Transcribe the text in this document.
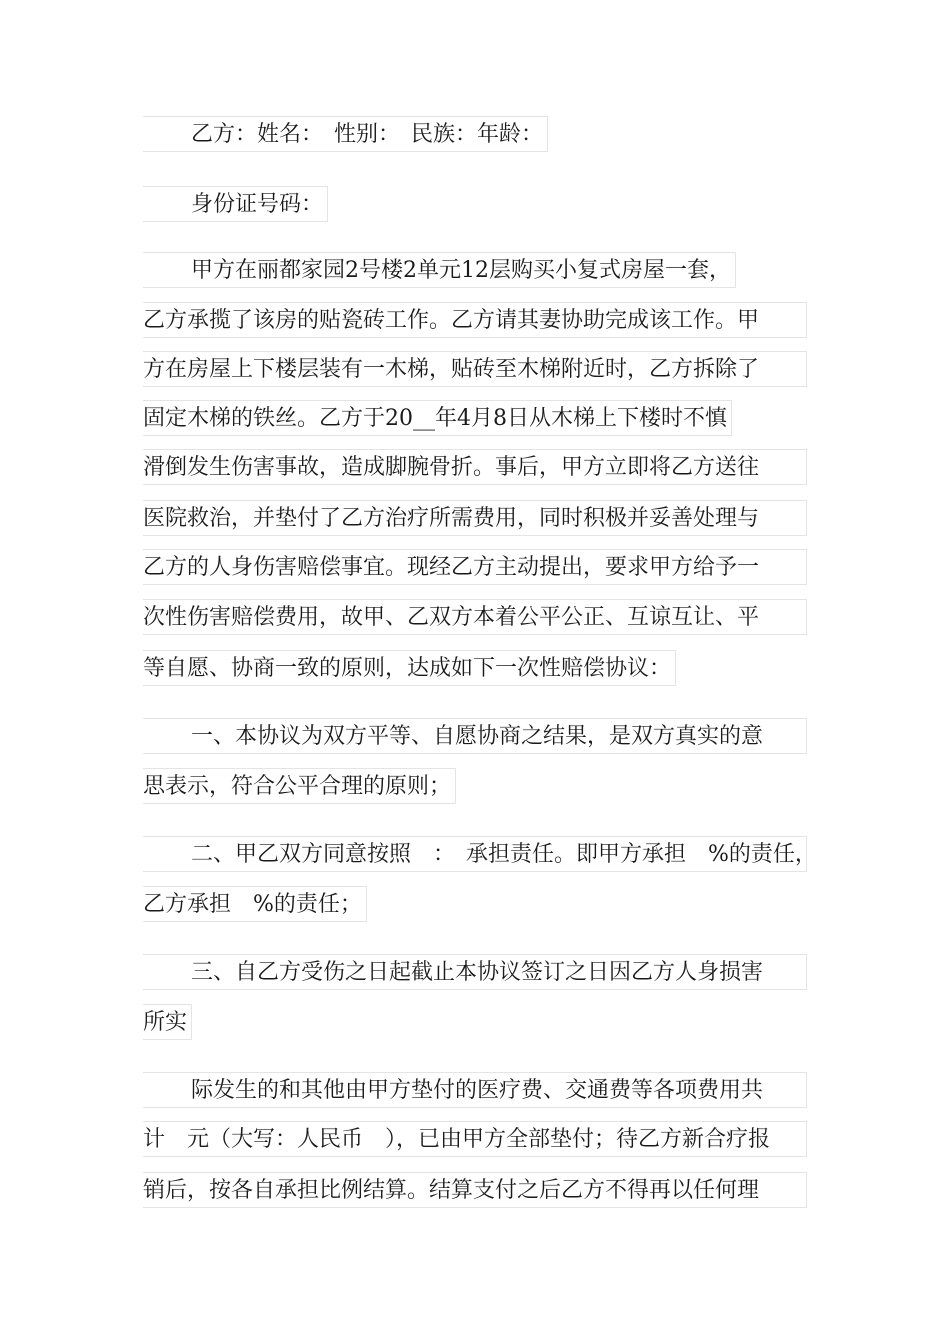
乙方：姓名：　性别：　民族：年龄：
身份证号码：
甲方在丽都家园2号楼2单元12层购买小复式房屋一套，
乙方承揽了该房的贴瓷砖工作。乙方请其妻协助完成该工作。甲
方在房屋上下楼层装有一木梯，贴砖至木梯附近时，乙方拆除了
固定木梯的铁丝。乙方于20__年4月8日从木梯上下楼时不慎
滑倒发生伤害事故，造成脚腕骨折。事后，甲方立即将乙方送往
医院救治，并垫付了乙方治疗所需费用，同时积极并妥善处理与
乙方的人身伤害赔偿事宜。现经乙方主动提出，要求甲方给予一
次性伤害赔偿费用，故甲、乙双方本着公平公正、互谅互让、平
等自愿、协商一致的原则，达成如下一次性赔偿协议：
一、本协议为双方平等、自愿协商之结果，是双方真实的意
思表示，符合公平合理的原则；
二、甲乙双方同意按照　：　承担责任。即甲方承担　%的责任，
乙方承担　%的责任；
三、自乙方受伤之日起截止本协议签订之日因乙方人身损害
所实
际发生的和其他由甲方垫付的医疗费、交通费等各项费用共
计　元（大写：人民币　），已由甲方全部垫付；待乙方新合疗报
销后，按各自承担比例结算。结算支付之后乙方不得再以任何理
